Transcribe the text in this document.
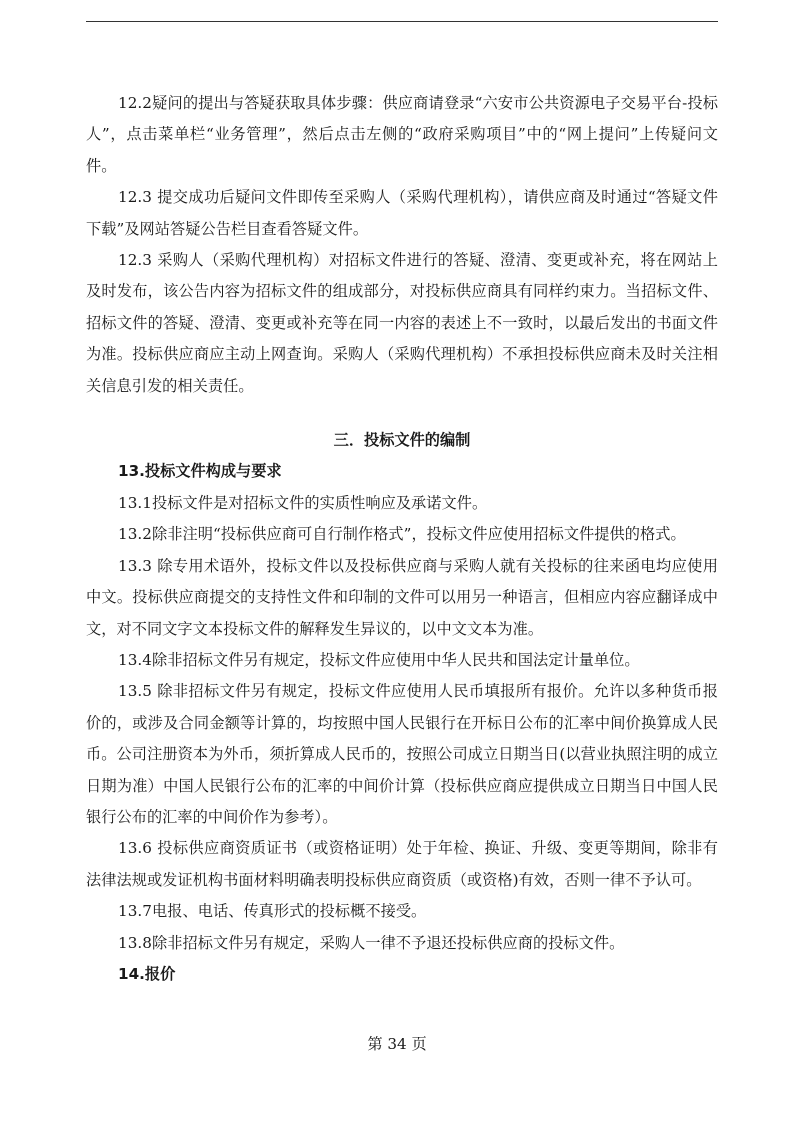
12.2疑问的提出与答疑获取具体步骤：供应商请登录“六安市公共资源电子交易平台-投标人”，点击菜单栏“业务管理”，然后点击左侧的“政府采购项目”中的“网上提问”上传疑问文件。

12.3 提交成功后疑问文件即传至采购人（采购代理机构），请供应商及时通过“答疑文件下载”及网站答疑公告栏目查看答疑文件。

12.3 采购人（采购代理机构）对招标文件进行的答疑、澄清、变更或补充，将在网站上及时发布，该公告内容为招标文件的组成部分，对投标供应商具有同样约束力。当招标文件、招标文件的答疑、澄清、变更或补充等在同一内容的表述上不一致时，以最后发出的书面文件为准。投标供应商应主动上网查询。采购人（采购代理机构）不承担投标供应商未及时关注相关信息引发的相关责任。

三．投标文件的编制

13.投标文件构成与要求

13.1投标文件是对招标文件的实质性响应及承诺文件。

13.2除非注明“投标供应商可自行制作格式”，投标文件应使用招标文件提供的格式。

13.3 除专用术语外，投标文件以及投标供应商与采购人就有关投标的往来函电均应使用中文。投标供应商提交的支持性文件和印制的文件可以用另一种语言，但相应内容应翻译成中文，对不同文字文本投标文件的解释发生异议的，以中文文本为准。

13.4除非招标文件另有规定，投标文件应使用中华人民共和国法定计量单位。

13.5 除非招标文件另有规定，投标文件应使用人民币填报所有报价。允许以多种货币报价的，或涉及合同金额等计算的，均按照中国人民银行在开标日公布的汇率中间价换算成人民币。公司注册资本为外币，须折算成人民币的，按照公司成立日期当日(以营业执照注明的成立日期为准）中国人民银行公布的汇率的中间价计算（投标供应商应提供成立日期当日中国人民银行公布的汇率的中间价作为参考）。

13.6 投标供应商资质证书（或资格证明）处于年检、换证、升级、变更等期间，除非有法律法规或发证机构书面材料明确表明投标供应商资质（或资格)有效，否则一律不予认可。

13.7电报、电话、传真形式的投标概不接受。

13.8除非招标文件另有规定，采购人一律不予退还投标供应商的投标文件。

14.报价

第 34 页
